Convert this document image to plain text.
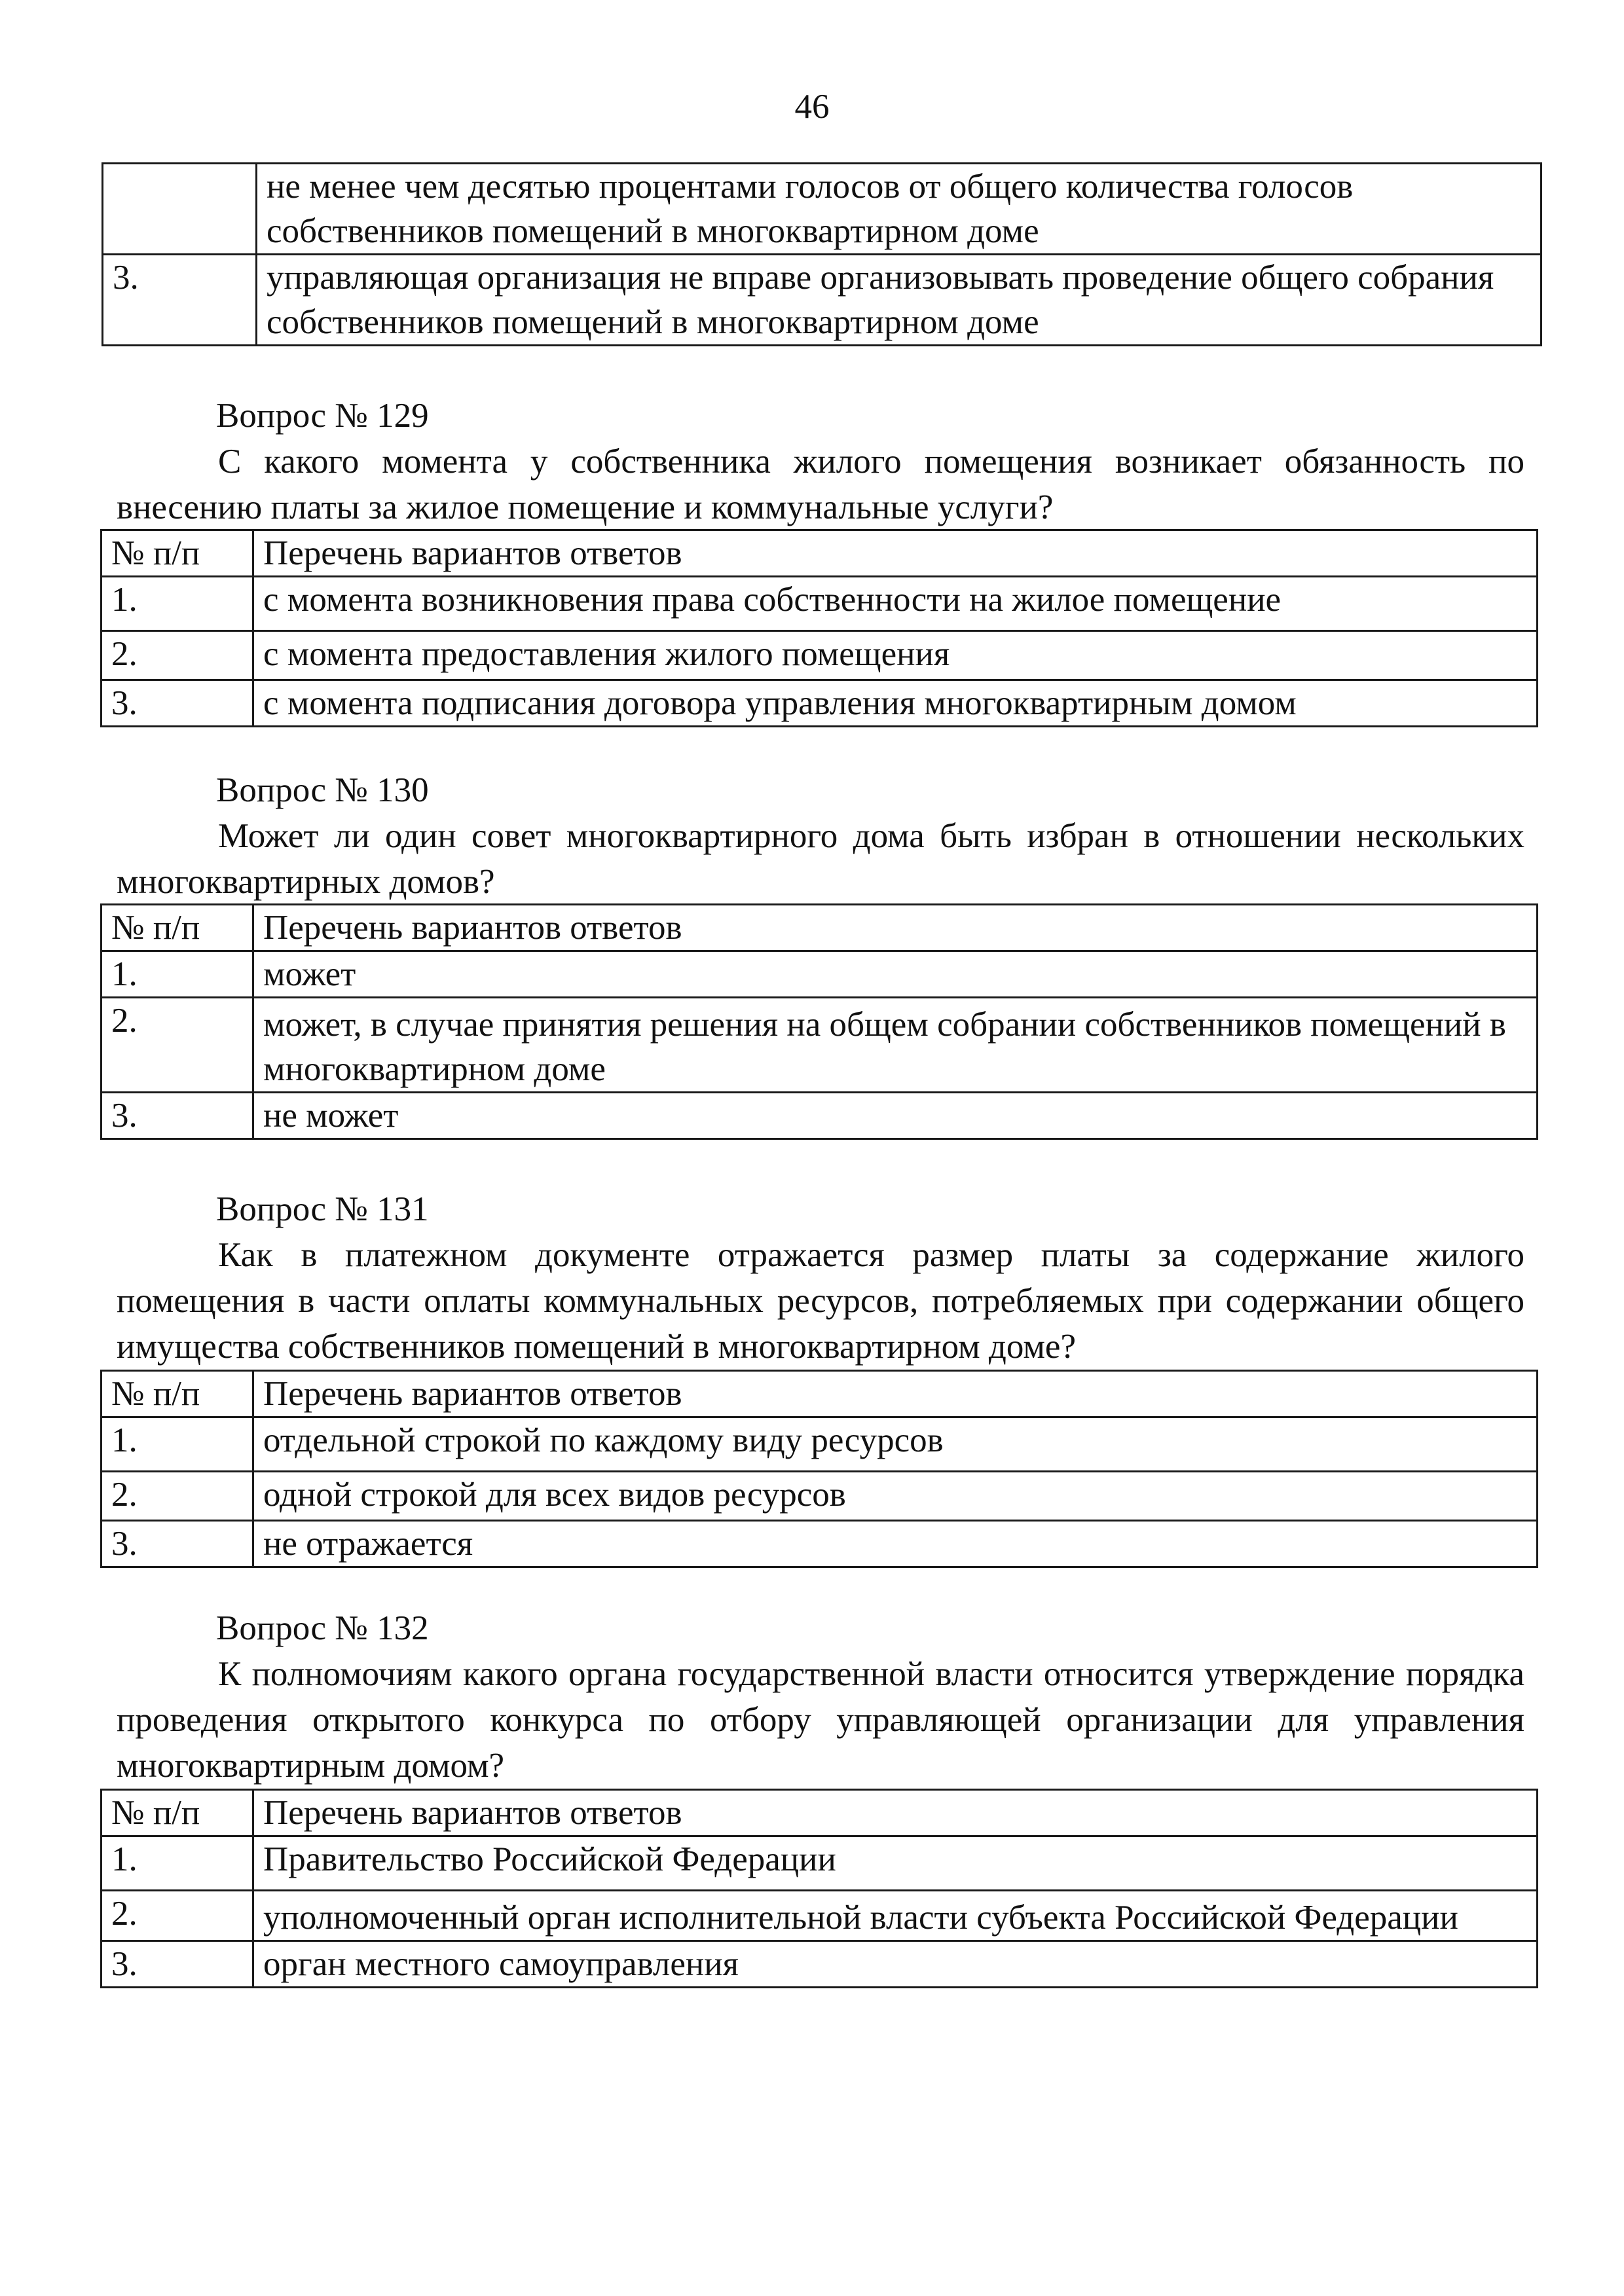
46
	не менее чем десятью процентами голосов от общего количества голосов собственников помещений в многоквартирном доме
3.	управляющая организация не вправе организовывать проведение общего собрания собственников помещений в многоквартирном доме
Вопрос № 129
С какого момента у собственника жилого помещения возникает обязанность по внесению платы за жилое помещение и коммунальные услуги?
№ п/п	Перечень вариантов ответов
1.	с момента возникновения права собственности на жилое помещение
2.	с момента предоставления жилого помещения
3.	с момента подписания договора управления многоквартирным домом
Вопрос № 130
Может ли один совет многоквартирного дома быть избран в отношении нескольких многоквартирных домов?
№ п/п	Перечень вариантов ответов
1.	может
2.	может, в случае принятия решения на общем собрании собственников помещений в многоквартирном доме
3.	не может
Вопрос № 131
Как в платежном документе отражается размер платы за содержание жилого помещения в части оплаты коммунальных ресурсов, потребляемых при содержании общего имущества собственников помещений в многоквартирном доме?
№ п/п	Перечень вариантов ответов
1.	отдельной строкой по каждому виду ресурсов
2.	одной строкой для всех видов ресурсов
3.	не отражается
Вопрос № 132
К полномочиям какого органа государственной власти относится утверждение порядка проведения открытого конкурса по отбору управляющей организации для управления многоквартирным домом?
№ п/п	Перечень вариантов ответов
1.	Правительство Российской Федерации
2.	уполномоченный орган исполнительной власти субъекта Российской Федерации
3.	орган местного самоуправления
